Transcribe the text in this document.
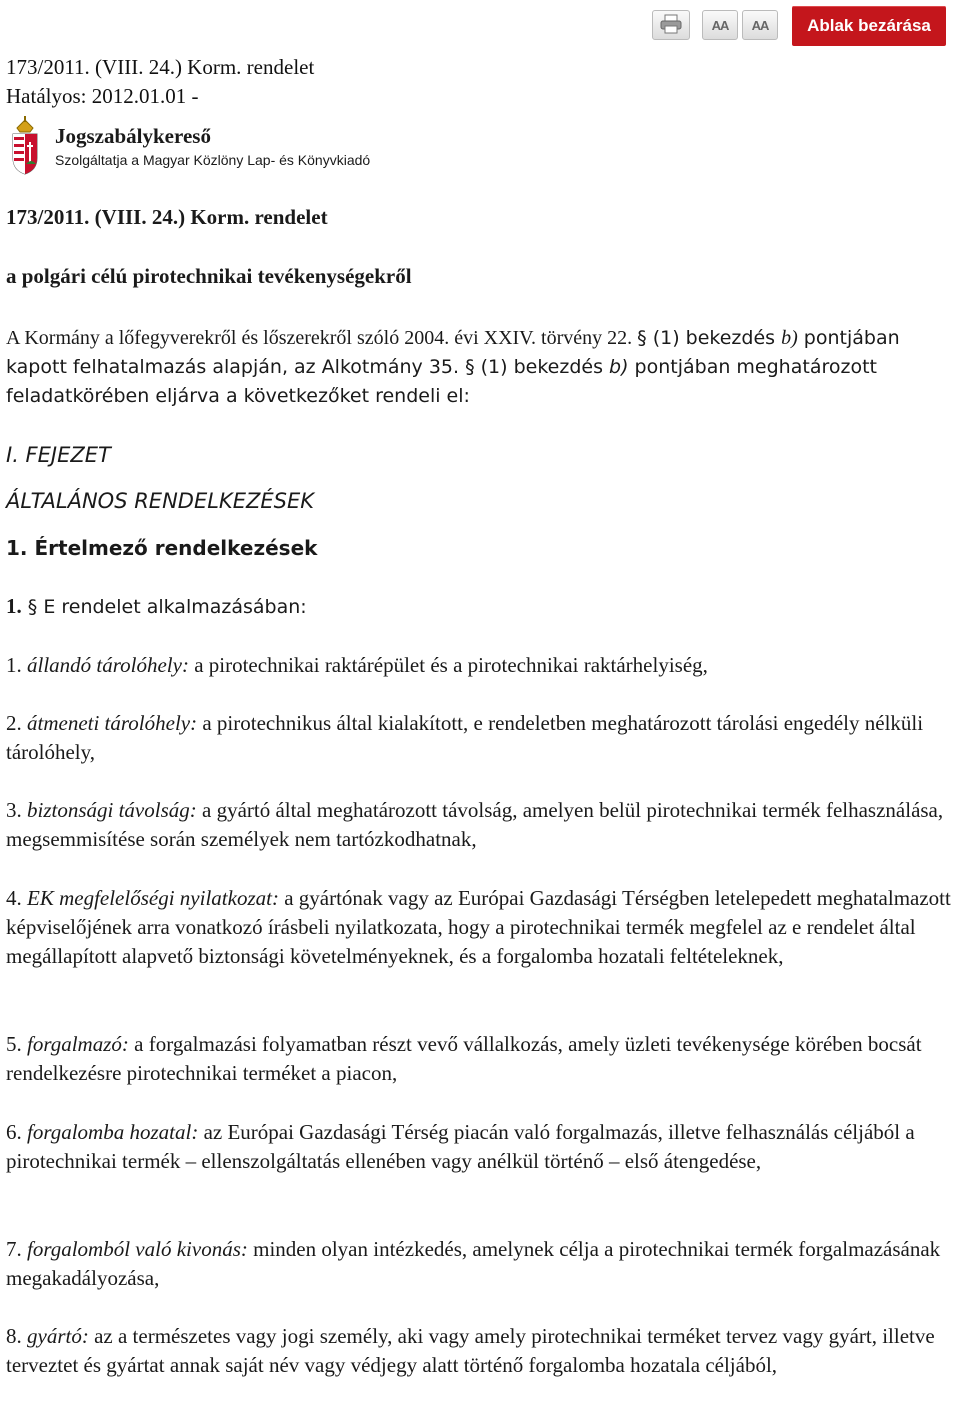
AA	AA	Ablak bezárása
173/2011. (VIII. 24.) Korm. rendelet
Hatályos: 2012.01.01 -
Jogszabálykereső
Szolgáltatja a Magyar Közlöny Lap- és Könyvkiadó
173/2011. (VIII. 24.) Korm. rendelet
a polgári célú pirotechnikai tevékenységekről
A Kormány a lőfegyverekről és lőszerekről szóló 2004. évi XXIV. törvény 22. § (1) bekezdés b) pontjában kapott felhatalmazás alapján, az Alkotmány 35. § (1) bekezdés b) pontjában meghatározott feladatkörében eljárva a következőket rendeli el:
I. FEJEZET
ÁLTALÁNOS RENDELKEZÉSEK
1. Értelmező rendelkezések
1. § E rendelet alkalmazásában:
1. állandó tárolóhely: a pirotechnikai raktárépület és a pirotechnikai raktárhelyiség,
2. átmeneti tárolóhely: a pirotechnikus által kialakított, e rendeletben meghatározott tárolási engedély nélküli tárolóhely,
3. biztonsági távolság: a gyártó által meghatározott távolság, amelyen belül pirotechnikai termék felhasználása, megsemmisítése során személyek nem tartózkodhatnak,
4. EK megfelelőségi nyilatkozat: a gyártónak vagy az Európai Gazdasági Térségben letelepedett meghatalmazott képviselőjének arra vonatkozó írásbeli nyilatkozata, hogy a pirotechnikai termék megfelel az e rendelet által megállapított alapvető biztonsági követelményeknek, és a forgalomba hozatali feltételeknek,
5. forgalmazó: a forgalmazási folyamatban részt vevő vállalkozás, amely üzleti tevékenysége körében bocsát rendelkezésre pirotechnikai terméket a piacon,
6. forgalomba hozatal: az Európai Gazdasági Térség piacán való forgalmazás, illetve felhasználás céljából a pirotechnikai termék – ellenszolgáltatás ellenében vagy anélkül történő – első átengedése,
7. forgalomból való kivonás: minden olyan intézkedés, amelynek célja a pirotechnikai termék forgalmazásának megakadályozása,
8. gyártó: az a természetes vagy jogi személy, aki vagy amely pirotechnikai terméket tervez vagy gyárt, illetve terveztet és gyártat annak saját név vagy védjegy alatt történő forgalomba hozatala céljából,
